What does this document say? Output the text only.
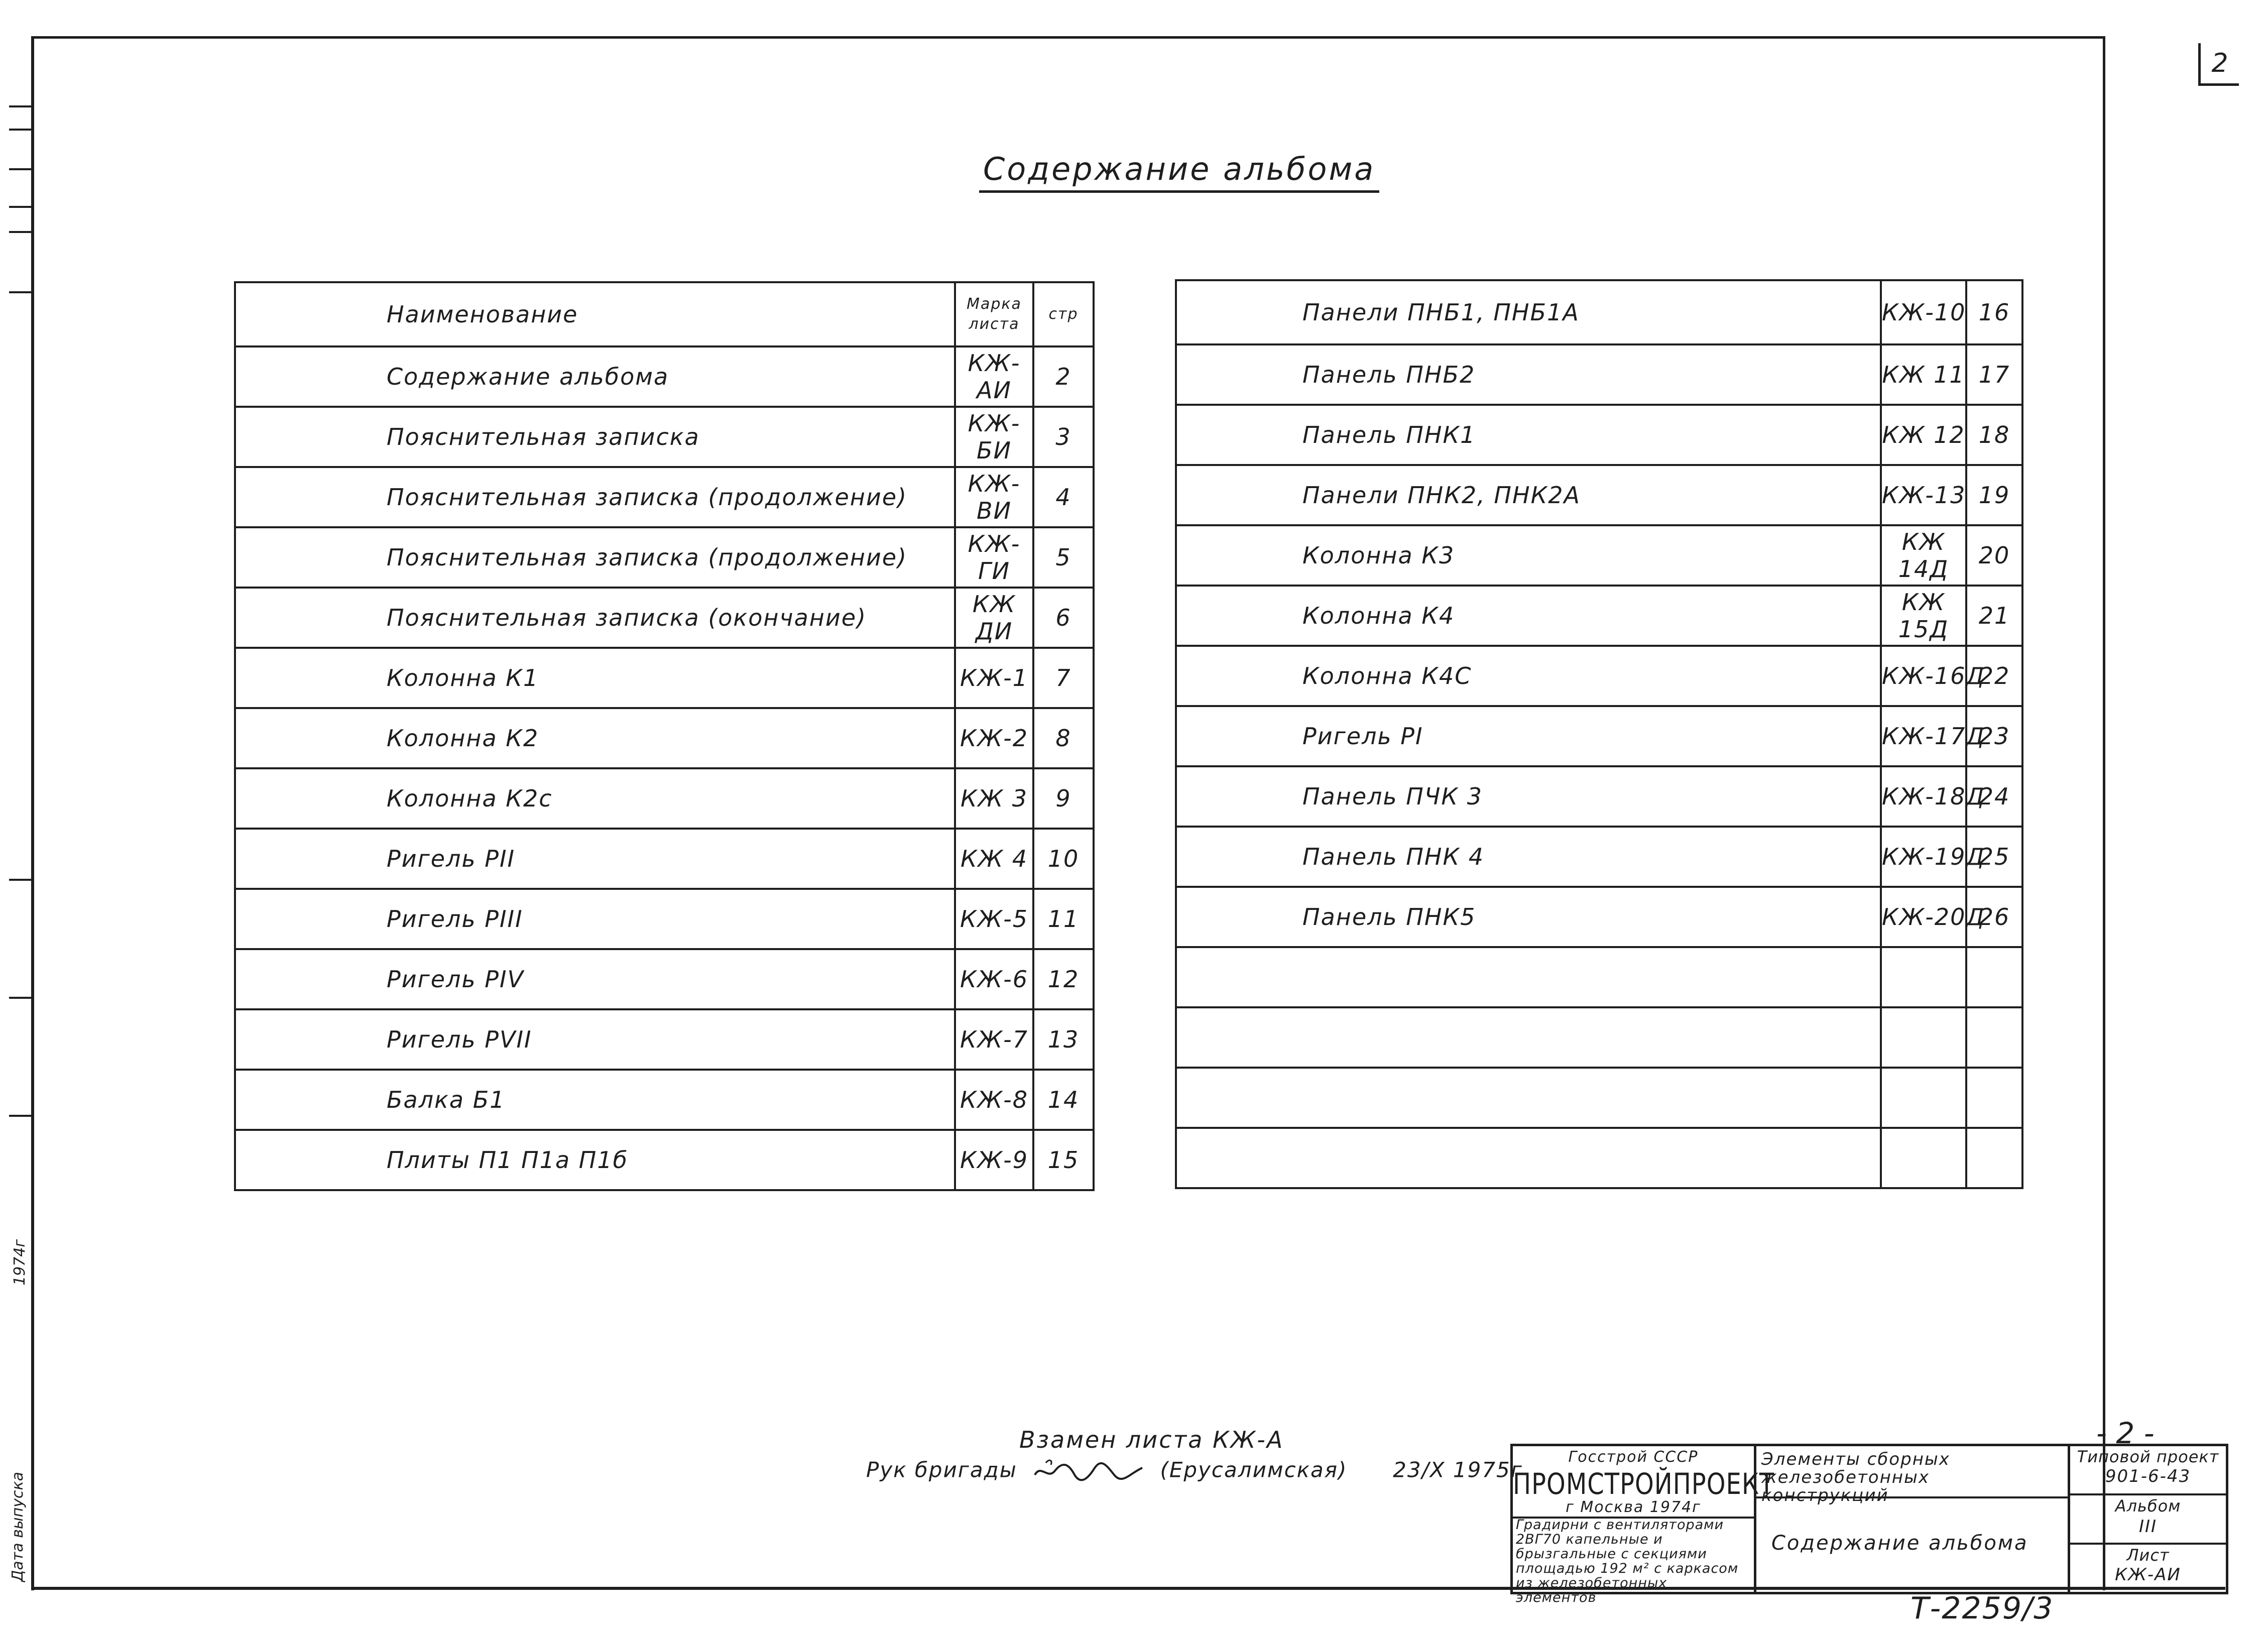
1974г
Дата выпуска
2
Содержание альбома
Наименование	Марка листа	стр
Содержание альбома	КЖ-АИ	2
Пояснительная записка	КЖ-БИ	3
Пояснительная записка (продолжение)	КЖ-ВИ	4
Пояснительная записка (продолжение)	КЖ-ГИ	5
Пояснительная записка (окончание)	КЖ ДИ	6
Колонна К1	КЖ-1	7
Колонна К2	КЖ-2	8
Колонна К2с	КЖ 3	9
Ригель РII	КЖ 4	10
Ригель РIII	КЖ-5	11
Ригель РIV	КЖ-6	12
Ригель РVII	КЖ-7	13
Балка Б1	КЖ-8	14
Плиты П1 П1а П1б	КЖ-9	15
Панели ПНБ1, ПНБ1А	КЖ-10	16
Панель ПНБ2	КЖ 11	17
Панель ПНК1	КЖ 12	18
Панели ПНК2, ПНК2А	КЖ-13	19
Колонна К3	КЖ 14Д	20
Колонна К4	КЖ 15Д	21
Колонна К4С	КЖ-16Д	22
Ригель РI	КЖ-17Д	23
Панель ПЧК 3	КЖ-18Д	24
Панель ПНК 4	КЖ-19Д	25
Панель ПНК5	КЖ-20Д	26

Взамен листа КЖ-А
Рук бригады	(Ерусалимская) 23/X 1975г
- 2 -
Госстрой СССР
ПРОМСТРОЙПРОЕКТ
г Москва 1974г
Градирни с вентиляторами 2ВГ70 капельные и брызгальные с секциями площадью 192 м² с каркасом из железобетонных элементов
Элементы сборных железобетонных конструкций
Содержание альбома
Типовой проект
901-6-43
Альбом
III
Лист
КЖ-АИ
Т-2259/3
